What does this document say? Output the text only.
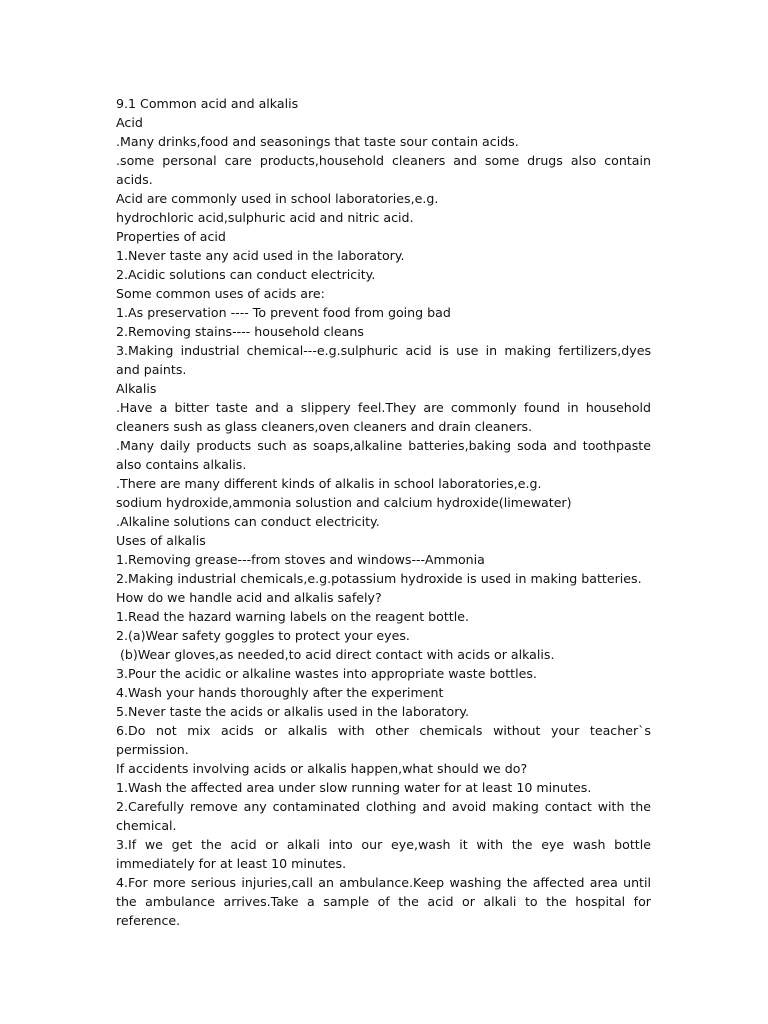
9.1 Common acid and alkalis

Acid

.Many drinks,food and seasonings that taste sour contain acids.

.some personal care products,household cleaners and some drugs also contain acids.

Acid are commonly used in school laboratories,e.g.

hydrochloric acid,sulphuric acid and nitric acid.

Properties of acid

1.Never taste any acid used in the laboratory.

2.Acidic solutions can conduct electricity.

Some common uses of acids are:

1.As preservation ---- To prevent food from going bad

2.Removing stains---- household cleans

3.Making industrial chemical---e.g.sulphuric acid is use in making fertilizers,dyes and paints.

Alkalis

.Have a bitter taste and a slippery feel.They are commonly found in household cleaners sush as glass cleaners,oven cleaners and drain cleaners.

.Many daily products such as soaps,alkaline batteries,baking soda and toothpaste also contains alkalis.

.There are many different kinds of alkalis in school laboratories,e.g.

sodium hydroxide,ammonia solustion and calcium hydroxide(limewater)

.Alkaline solutions can conduct electricity.

Uses of alkalis

1.Removing grease---from stoves and windows---Ammonia

2.Making industrial chemicals,e.g.potassium hydroxide is used in making batteries.

How do we handle acid and alkalis safely?

1.Read the hazard warning labels on the reagent bottle.

2.(a)Wear safety goggles to protect your eyes.

(b)Wear gloves,as needed,to acid direct contact with acids or alkalis.

3.Pour the acidic or alkaline wastes into appropriate waste bottles.

4.Wash your hands thoroughly after the experiment

5.Never taste the acids or alkalis used in the laboratory.

6.Do not mix acids or alkalis with other chemicals without your teacher`s permission.

If accidents involving acids or alkalis happen,what should we do?

1.Wash the affected area under slow running water for at least 10 minutes.

2.Carefully remove any contaminated clothing and avoid making contact with the chemical.

3.If we get the acid or alkali into our eye,wash it with the eye wash bottle immediately for at least 10 minutes.

4.For more serious injuries,call an ambulance.Keep washing the affected area until the ambulance arrives.Take a sample of the acid or alkali to the hospital for reference.
